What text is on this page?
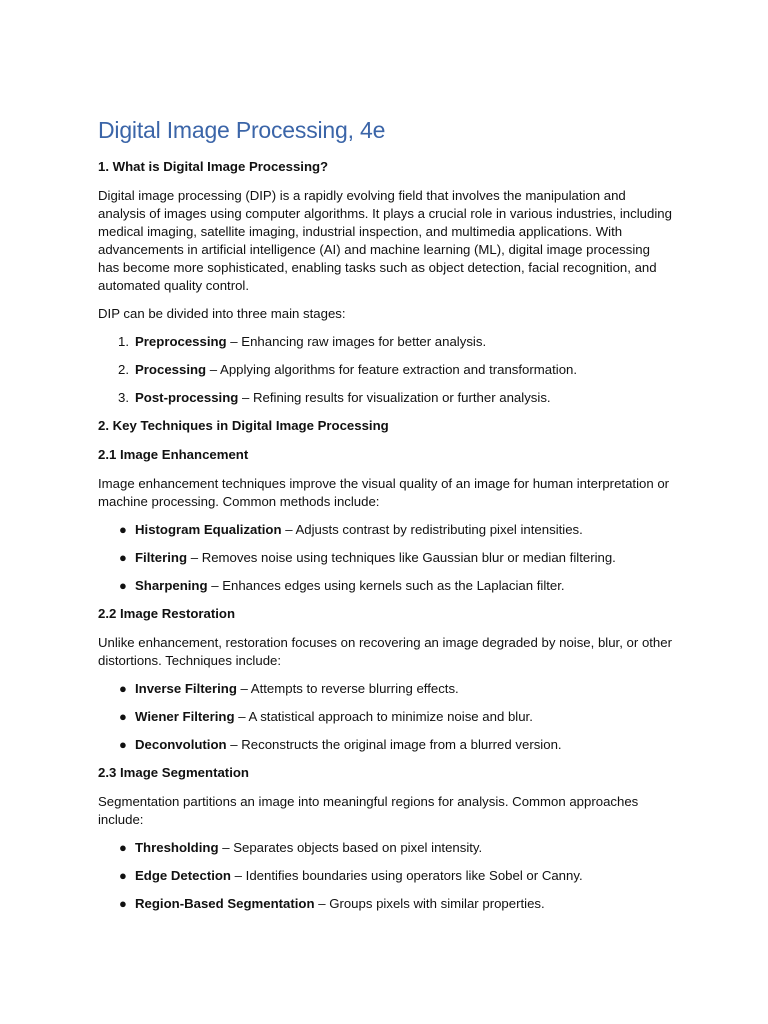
Digital Image Processing, 4e
1. What is Digital Image Processing?

Digital image processing (DIP) is a rapidly evolving field that involves the manipulation and analysis of images using computer algorithms. It plays a crucial role in various industries, including medical imaging, satellite imaging, industrial inspection, and multimedia applications. With advancements in artificial intelligence (AI) and machine learning (ML), digital image processing has become more sophisticated, enabling tasks such as object detection, facial recognition, and automated quality control.

DIP can be divided into three main stages:

1. Preprocessing – Enhancing raw images for better analysis.
2. Processing – Applying algorithms for feature extraction and transformation.
3. Post-processing – Refining results for visualization or further analysis.
2. Key Techniques in Digital Image Processing
2.1 Image Enhancement

Image enhancement techniques improve the visual quality of an image for human interpretation or machine processing. Common methods include:

● Histogram Equalization – Adjusts contrast by redistributing pixel intensities.
● Filtering – Removes noise using techniques like Gaussian blur or median filtering.
● Sharpening – Enhances edges using kernels such as the Laplacian filter.
2.2 Image Restoration

Unlike enhancement, restoration focuses on recovering an image degraded by noise, blur, or other distortions. Techniques include:

● Inverse Filtering – Attempts to reverse blurring effects.
● Wiener Filtering – A statistical approach to minimize noise and blur.
● Deconvolution – Reconstructs the original image from a blurred version.
2.3 Image Segmentation

Segmentation partitions an image into meaningful regions for analysis. Common approaches include:

● Thresholding – Separates objects based on pixel intensity.
● Edge Detection – Identifies boundaries using operators like Sobel or Canny.
● Region-Based Segmentation – Groups pixels with similar properties.
